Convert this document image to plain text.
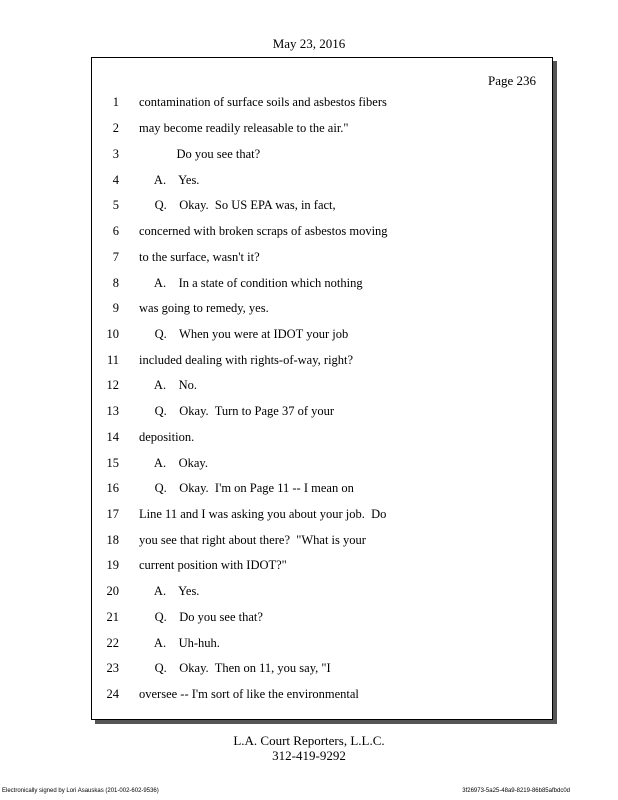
May 23, 2016
Page 236
1 contamination of surface soils and asbestos fibers
2 may become readily releasable to the air."
3 Do you see that?
4 A.    Yes.
5 Q.    Okay.  So US EPA was, in fact,
6 concerned with broken scraps of asbestos moving
7 to the surface, wasn't it?
8 A.    In a state of condition which nothing
9 was going to remedy, yes.
10 Q.    When you were at IDOT your job
11 included dealing with rights-of-way, right?
12 A.    No.
13 Q.    Okay.  Turn to Page 37 of your
14 deposition.
15 A.    Okay.
16 Q.    Okay.  I'm on Page 11 -- I mean on
17 Line 11 and I was asking you about your job.  Do
18 you see that right about there?  "What is your
19 current position with IDOT?"
20 A.    Yes.
21 Q.    Do you see that?
22 A.    Uh-huh.
23 Q.    Okay.  Then on 11, you say, "I
24 oversee -- I'm sort of like the environmental
L.A. Court Reporters, L.L.C.
312-419-9292
Electronically signed by Lori Asauskas (201-002-602-9536)	3f26973-5a25-48a9-8219-86b85afbdc0d
